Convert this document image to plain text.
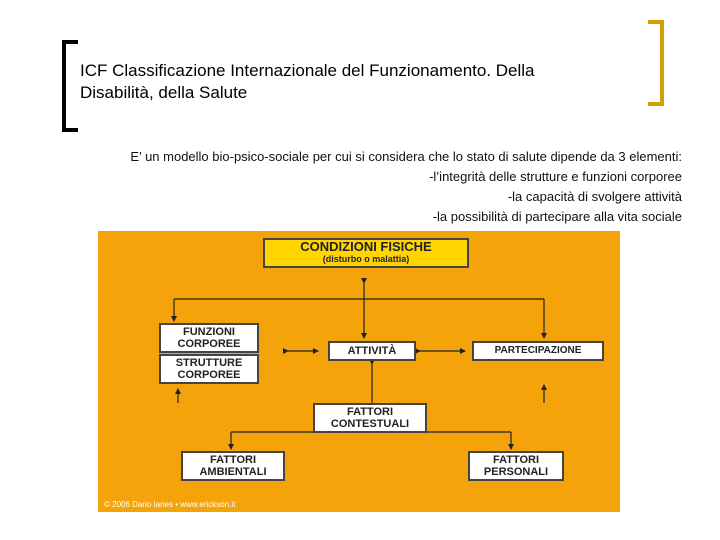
ICF Classificazione Internazionale del Funzionamento. Della
Disabilità, della Salute
E’ un modello bio-psico-sociale per cui si considera che lo stato di salute dipende da 3 elementi:
-l’integrità delle strutture e funzioni corporee
-la capacità di svolgere attività
-la possibilità di partecipare alla vita sociale
CONDIZIONI FISICHE
(disturbo o malattia)
FUNZIONI
CORPOREE
STRUTTURE
CORPOREE
ATTIVITÀ	PARTECIPAZIONE
FATTORI
CONTESTUALI
FATTORI
AMBIENTALI
FATTORI
PERSONALI
© 2006 Dario Ianes • www.erickson.it
